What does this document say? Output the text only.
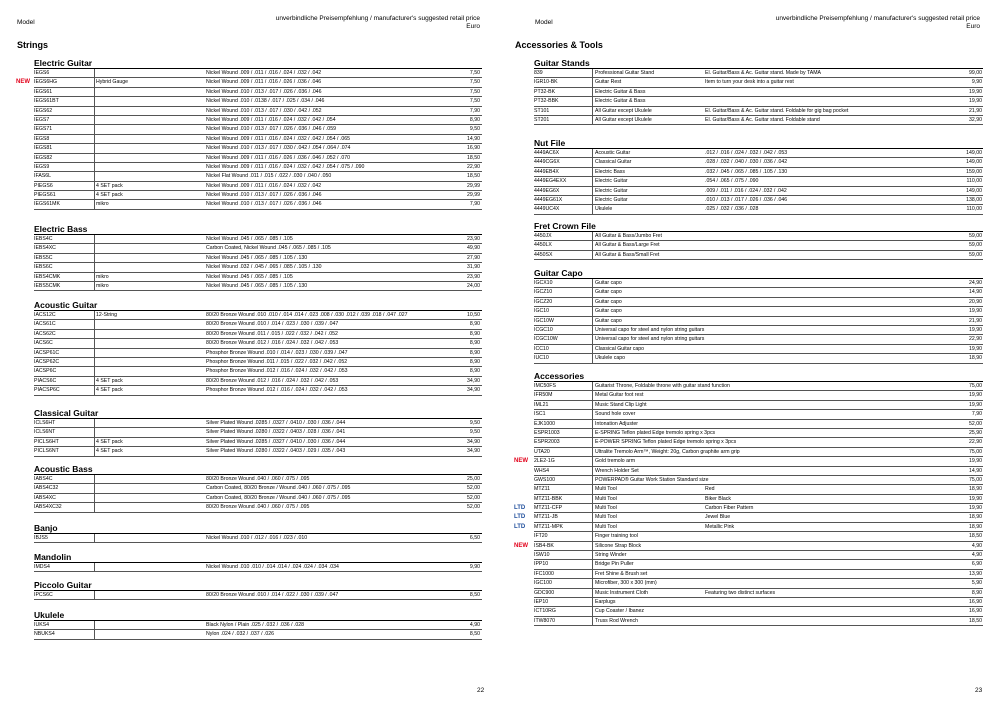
Model
unverbindliche Preisempfehlung / manufacturer's suggested retail price
Euro
Strings
Electric Guitar
IEGS6	Nickel Wound .009 / .011 / .016 / .024 / .032 / .042	7,50
IEGS6HG	Hybrid Gauge	Nickel Wound .009 / .011 / .016 / .026 / .036 / .046	7,50
NEW
IEGS61	Nickel Wound .010 / .013 / .017 / .026 / .036 / .046	7,50
IEGS61BT	Nickel Wound .010 / .0138 / .017 / .025 / .034 / .046	7,50
IEGS62	Nickel Wound .010 / .013 / .017 / .030 / .042 / .052	7,90
IEGS7	Nickel Wound .009 / .011 / .016 / .024 / .032 / .042 / .054	8,90
IEGS71	Nickel Wound .010 / .013 / .017 / .026 / .036 / .046 / .059	9,50
IEGS8	Nickel Wound .009 / .011 / .016 / .024 / .032 / .042 / .054 / .065	14,90
IEGS81	Nickel Wound .010 / .013 / .017 / .030 / .042 / .054 / .064 / .074	16,90
IEGS82	Nickel Wound .009 / .011 / .016 / .026 / .036 / .046 / .052 / .070	18,50
IEGS9	Nickel Wound .009 / .011 / .016 / .024 / .032 / .042 / .054 / .075 / .090	22,90
IFAS6L	Nickel Flat Wound .011 / .015 / .022 / .030 / .040 / .050	18,50
PIEGS6	4 SET pack	Nickel Wound .009 / .011 / .016 / .024 / .032 / .042	29,99
PIEGS61	4 SET pack	Nickel Wound .010 / .013 / .017 / .026 / .036 / .046	29,99
IEGS61MK	mikro	Nickel Wound .010 / .013 / .017 / .026 / .036 / .046	7,90
Electric Bass
IEBS4C	Nickel Wound .045 / .065 / .085 / .105	23,90
IEBS4XC	Carbon Coated, Nickel Wound .045 / .065 / .085 / .105	49,90
IEBS5C	Nickel Wound .045 / .065 / .085 / .105 / .130	27,90
IEBS6C	Nickel Wound .032 / .045 / .065 / .085 / .105 / .130	31,90
IEBS4CMK	mikro	Nickel Wound .045 / .065 / .085 / .105	23,90
IEBS5CMK	mikro	Nickel Wound .045 / .065 / .085 / .105 / .130	24,00
Acoustic Guitar
IACS12C	12-String	80/20 Bronze Wound .010 .010 / .014 .014 / .023 .008 / .030 .012 / .039 .018 / .047 .027	10,50
IACS61C	80/20 Bronze Wound .010 / .014 / .023 / .030 / .039 / .047	8,90
IACS62C	80/20 Bronze Wound .011 / .015 / .022 / .032 / .042 / .052	8,90
IACS6C	80/20 Bronze Wound .012 / .016 / .024 / .032 / .042 / .053	8,90
IACSP61C	Phosphor Bronze Wound .010 / .014 / .023 / .030 / .039 / .047	8,90
IACSP62C	Phosphor Bronze Wound .011 / .015 / .022 / .032 / .042 / .052	8,90
IACSP6C	Phosphor Bronze Wound .012 / .016 / .024 / .032 / .042 / .053	8,90
PIACS6C	4 SET pack	80/20 Bronze Wound .012 / .016 / .024 / .032 / .042 / .053	34,90
PIACSP6C	4 SET pack	Phosphor Bronze Wound .012 / .016 / .024 / .032 / .042 / .053	34,90
Classical Guitar
ICLS6HT	Silver Plated Wound .0285 / .0327 / .0410 / .030 / .036 / .044	9,50
ICLS6NT	Silver Plated Wound .0280 / .0322 / .0403 / .028 / .036 / .041	9,50
PICLS6HT	4 SET pack	Silver Plated Wound .0285 / .0327 / .0410 / .030 / .036 / .044	34,90
PICLS6NT	4 SET pack	Silver Plated Wound .0280 / .0322 / .0403 / .029 / .035 / .043	34,90
Acoustic Bass
IABS4C	80/20 Bronze Wound .040 / .060 / .075 / .095	25,00
IABS4C32	Carbon Coated, 80/20 Bronze / Wound .040 / .060 / .075 / .095	52,00
IABS4XC	Carbon Coated, 80/20 Bronze / Wound .040 / .060 / .075 / .095	52,00
IABS4XC32	80/20 Bronze Wound .040 / .060 / .075 / .095	52,00
Banjo
IBJS5	Nickel Wound .010 / .012 / .016 / .023 / .010	6,50
Mandolin
IMDS4	Nickel Wound .010 .010 / .014 .014 / .024 .024 / .034 .034	9,90
Piccolo Guitar
IPCS6C	80/20 Bronze Wound .010 / .014 / .022 / .030 / .039 / .047	8,50
Ukulele
IUKS4	Black Nylon / Plain .025 / .032 / .036 / .028	4,90
NBUKS4	Nylon .024 / .032 / .037 / .026	8,50
22
Model
unverbindliche Preisempfehlung / manufacturer's suggested retail price
Euro
Accessories & Tools
Guitar Stands
839	Professional Guitar Stand	El. Guitar/Bass & Ac. Guitar stand. Made by TAMA	99,00
IGR10-BK	Guitar Rest	Item to turn your desk into a guitar rest	9,90
PT32-BK	Electric Guitar & Bass	19,90
PT32-BBK	Electric Guitar & Bass	19,90
ST101	All Guitar except Ukulele	El. Guitar/Bass & Ac. Guitar stand. Foldable for gig bag pocket	21,90
ST201	All Guitar except Ukulele	El. Guitar/Bass & Ac. Guitar stand. Foldable stand	32,90
Nut File
4449AC6X	Acoustic Guitar	.012 / .016 / .024 / .032 / .042 / .053	149,00
4449CG6X	Classical Guitar	.028 / .032 / .040 / .030 / .036 / .042	149,00
4449EB4X	Electric Bass	.032 / .045 / .065 / .085 / .105 / .130	159,00
4449EG4EXX	Electric Guitar	.054 / .065 / .075 / .090	110,00
4449EG6X	Electric Guitar	.009 / .011 / .016 / .024 / .032 / .042	149,00
4449EG61X	Electric Guitar	.010 / .013 / .017 / .026 / .036 / .046	138,00
4449UC4X	Ukulele	.025 / .032 / .036 / .028	110,00
Fret Crown File
4450JX	All Guitar & Bass/Jumbo Fret	59,00
4450LX	All Guitar & Bass/Large Fret	59,00
4450SX	All Guitar & Bass/Small Fret	59,00
Guitar Capo
IGCX10	Guitar capo	24,90
IGCZ10	Guitar capo	14,90
IGCZ20	Guitar capo	20,90
IGC10	Guitar capo	19,90
IGC10W	Guitar capo	21,90
ICGC10	Universal capo for steel and nylon string guitars	19,90
ICGC10W	Universal capo for steel and nylon string guitars	22,90
ICC10	Classical Guitar capo	19,90
IUC10	Ukulele capo	18,90
Accessories
IMC50FS	Guitarist Throne, Foldable throne with guitar stand function	75,00
IFR50M	Metal Guitar foot rest	19,90
IML21	Music Stand Clip Light	19,90
ISC1	Sound hole cover	7,90
EJK1000	Intonation Adjuster	52,00
ESPR1003	E-SPRING Teflon plated Edge tremolo spring x 3pcs	25,90
ESPR2003	E-POWER SPRING Teflon plated Edge tremolo spring x 3pcs	22,90
UTA20	Ultralite Tremolo Arm™, Weight: 20g, Carbon graphite arm grip	75,00
2LE2-1G	Gold tremolo arm	19,90
NEW
WHS4	Wrench Holder Set	14,90
GWS100	POWERPAD® Guitar Work Station Standard size	75,00
MTZ11	Multi Tool	Red	18,90
MTZ11-BBK	Multi Tool	Biker Black	19,90
MTZ11-CFP	Multi Tool	Carbon Fiber Pattern	19,90
LTD
MTZ11-JB	Multi Tool	Jewel Blue	18,90
LTD
MTZ11-MPK	Multi Tool	Metallic Pink	18,90
LTD
IFT20	Finger training tool	18,50
ISB4-BK	Silicone Strap Block	4,90
NEW
ISW10	String Winder	4,90
IPP10	Bridge Pin Puller	6,90
IFC1000	Fret Shine & Brush set	13,90
IGC100	Microfiber, 300 x 300 (mm)	5,90
GDC900	Music Instrument Cloth	Featuring two distinct surfaces	8,90
IEP10	Earplugs	16,90
ICT10RG	Cup Coaster / Ibanez	16,90
ITW8070	Truss Rod Wrench	18,50
23
